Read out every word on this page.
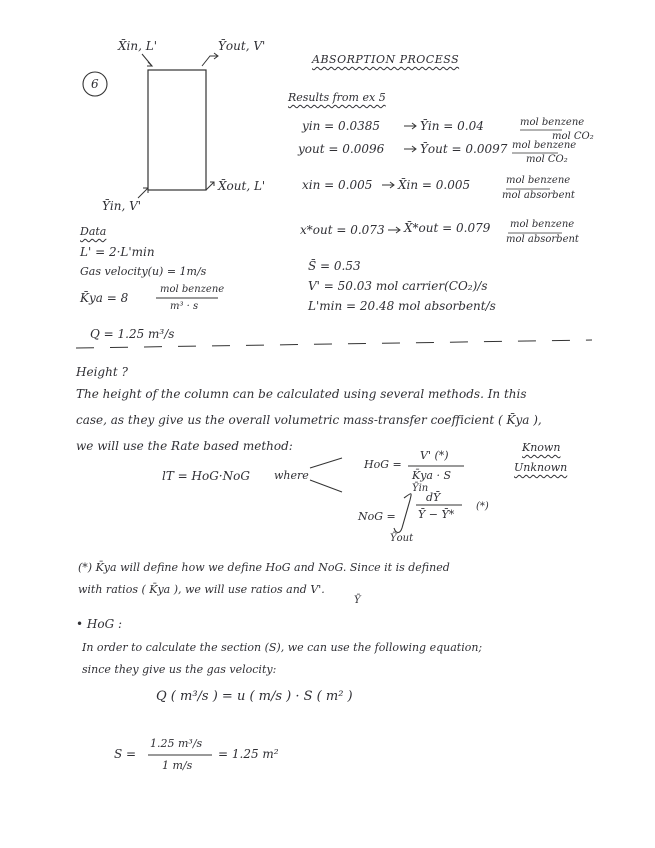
6
X̄in, L'	Ȳout, V'
Ȳin, V'
X̄out, L'
ABSORPTION PROCESS
Results from ex 5
yin = 0.0385	Ȳin = 0.04	mol benzene
mol CO₂
yout = 0.0096	Ȳout = 0.0097 mol benzene
mol CO₂
xin = 0.005 X̄in = 0.005	mol benzene
mol absorbent
x*out = 0.073 X̄*out = 0.079 mol benzene
mol absorbent
S̄ = 0.53
V' = 50.03 mol carrier(CO₂)/s
L'min = 20.48 mol absorbent/s
Data
L' = 2·L'min
Gas velocity(u) = 1m/s
K̄ya = 8
mol benzene
m³ · s
Q = 1.25 m³/s
Height ?
The height of the column can be calculated using several methods. In this
case, as they give us the overall volumetric mass-transfer coefficient ( K̄ya ),
we will use the Rate based method:
lT = HoG·NoG where
HoG =
V' (*)
K̄ya · S
Known
NoG =
Ȳin
dȲ
Ȳ − Ȳ*
Ȳout
(*)
Unknown
(*) K̄ya will define how we define HoG and NoG. Since it is defined
with ratios ( K̄ya ), we will use ratios and V'.
Ȳ
• HoG :
In order to calculate the section (S), we can use the following equation;
since they give us the gas velocity:
Q ( m³/s ) = u ( m/s ) · S ( m² )
S =
1.25 m³/s
1 m/s
= 1.25 m²
